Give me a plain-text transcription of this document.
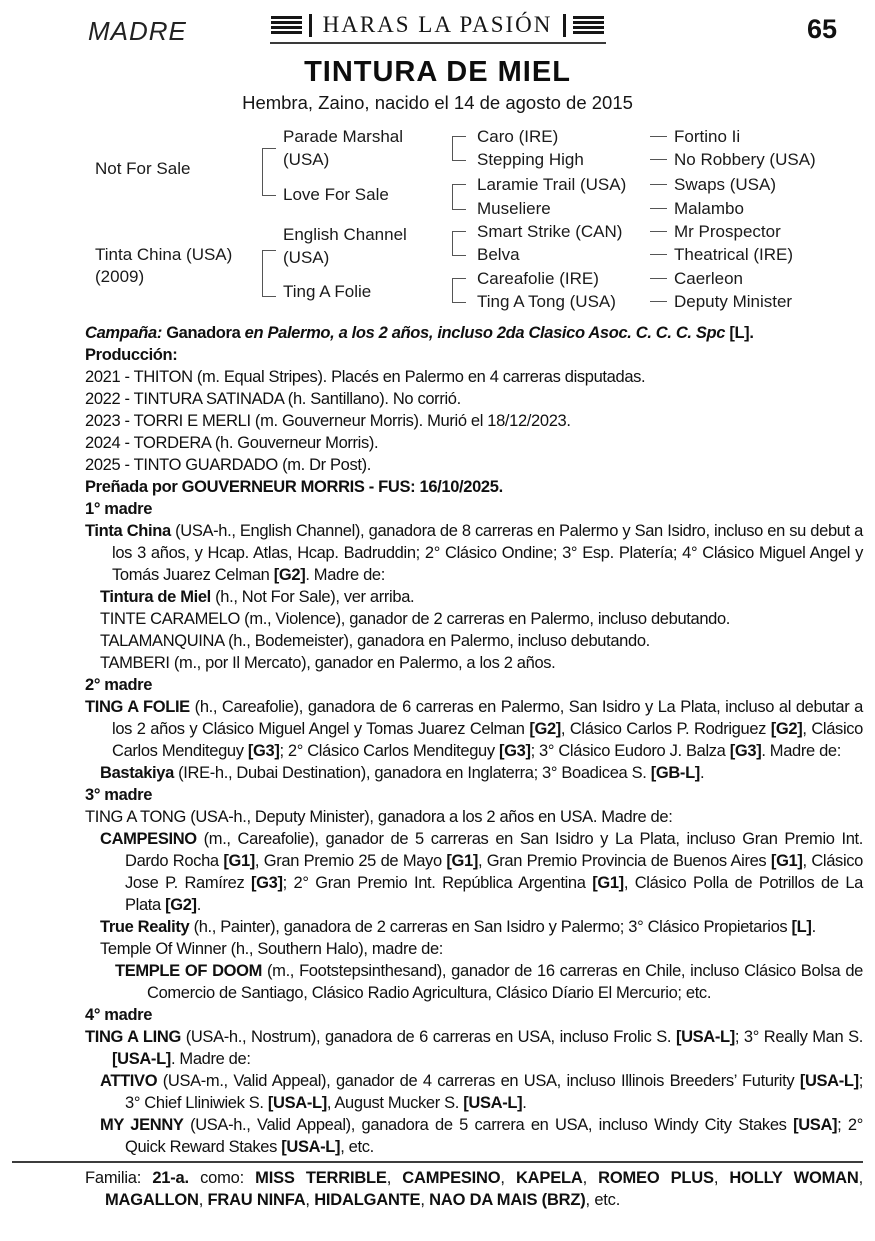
MADRE	HARAS LA PASIÓN	65
TINTURA DE MIEL
Hembra, Zaino, nacido el 14 de agosto de 2015
Not For Sale
Tinta China (USA)
(2009)
Parade Marshal
(USA)
Love For Sale
English Channel
(USA)
Ting A Folie
Caro (IRE)
Stepping High
Laramie Trail (USA)
Museliere
Smart Strike (CAN)
Belva
Careafolie (IRE)
Ting A Tong (USA)
Fortino Ii
No Robbery (USA)
Swaps (USA)
Malambo
Mr Prospector
Theatrical (IRE)
Caerleon
Deputy Minister

Campaña: Ganadora en Palermo, a los 2 años, incluso 2da Clasico Asoc. C. C. C. Spc [L].

Producción:

2021 - THITON (m. Equal Stripes). Placés en Palermo en 4 carreras disputadas.

2022 - TINTURA SATINADA (h. Santillano). No corrió.

2023 - TORRI E MERLI (m. Gouverneur Morris). Murió el 18/12/2023.

2024 - TORDERA (h. Gouverneur Morris).

2025 - TINTO GUARDADO (m. Dr Post).

Preñada por GOUVERNEUR MORRIS - FUS: 16/10/2025.

1° madre

Tinta China (USA-h., English Channel), ganadora de 8 carreras en Palermo y San Isidro, incluso en su debut a los 3 años, y Hcap. Atlas, Hcap. Badruddin; 2° Clásico Ondine; 3° Esp. Platería; 4° Clásico Miguel Angel y Tomás Juarez Celman [G2]. Madre de:

Tintura de Miel (h., Not For Sale), ver arriba.

TINTE CARAMELO (m., Violence), ganador de 2 carreras en Palermo, incluso debutando.

TALAMANQUINA (h., Bodemeister), ganadora en Palermo, incluso debutando.

TAMBERI (m., por Il Mercato), ganador en Palermo, a los 2 años.

2° madre

TING A FOLIE (h., Careafolie), ganadora de 6 carreras en Palermo, San Isidro y La Plata, incluso al debutar a los 2 años y Clásico Miguel Angel y Tomas Juarez Celman [G2], Clásico Carlos P. Rodriguez [G2], Clásico Carlos Menditeguy [G3]; 2° Clásico Carlos Menditeguy [G3]; 3° Clásico Eudoro J. Balza [G3]. Madre de:

Bastakiya (IRE-h., Dubai Destination), ganadora en Inglaterra; 3° Boadicea S. [GB-L].

3° madre

TING A TONG (USA-h., Deputy Minister), ganadora a los 2 años en USA. Madre de:

CAMPESINO (m., Careafolie), ganador de 5 carreras en San Isidro y La Plata, incluso Gran Premio Int. Dardo Rocha [G1], Gran Premio 25 de Mayo [G1], Gran Premio Provincia de Buenos Aires [G1], Clásico Jose P. Ramírez [G3]; 2° Gran Premio Int. República Argentina [G1], Clásico Polla de Potrillos de La Plata [G2].

True Reality (h., Painter), ganadora de 2 carreras en San Isidro y Palermo; 3° Clásico Propietarios [L].

Temple Of Winner (h., Southern Halo), madre de:

TEMPLE OF DOOM (m., Footstepsinthesand), ganador de 16 carreras en Chile, incluso Clásico Bolsa de Comercio de Santiago, Clásico Radio Agricultura, Clásico Díario El Mercurio; etc.

4° madre

TING A LING (USA-h., Nostrum), ganadora de 6 carreras en USA, incluso Frolic S. [USA-L]; 3° Really Man S. [USA-L]. Madre de:

ATTIVO (USA-m., Valid Appeal), ganador de 4 carreras en USA, incluso Illinois Breeders’ Futurity [USA-L]; 3° Chief Lliniwiek S. [USA-L], August Mucker S. [USA-L].

MY JENNY (USA-h., Valid Appeal), ganadora de 5 carrera en USA, incluso Windy City Stakes [USA]; 2° Quick Reward Stakes [USA-L], etc.

Familia: 21-a. como: MISS TERRIBLE, CAMPESINO, KAPELA, ROMEO PLUS, HOLLY WOMAN, MAGALLON, FRAU NINFA, HIDALGANTE, NAO DA MAIS (BRZ), etc.
